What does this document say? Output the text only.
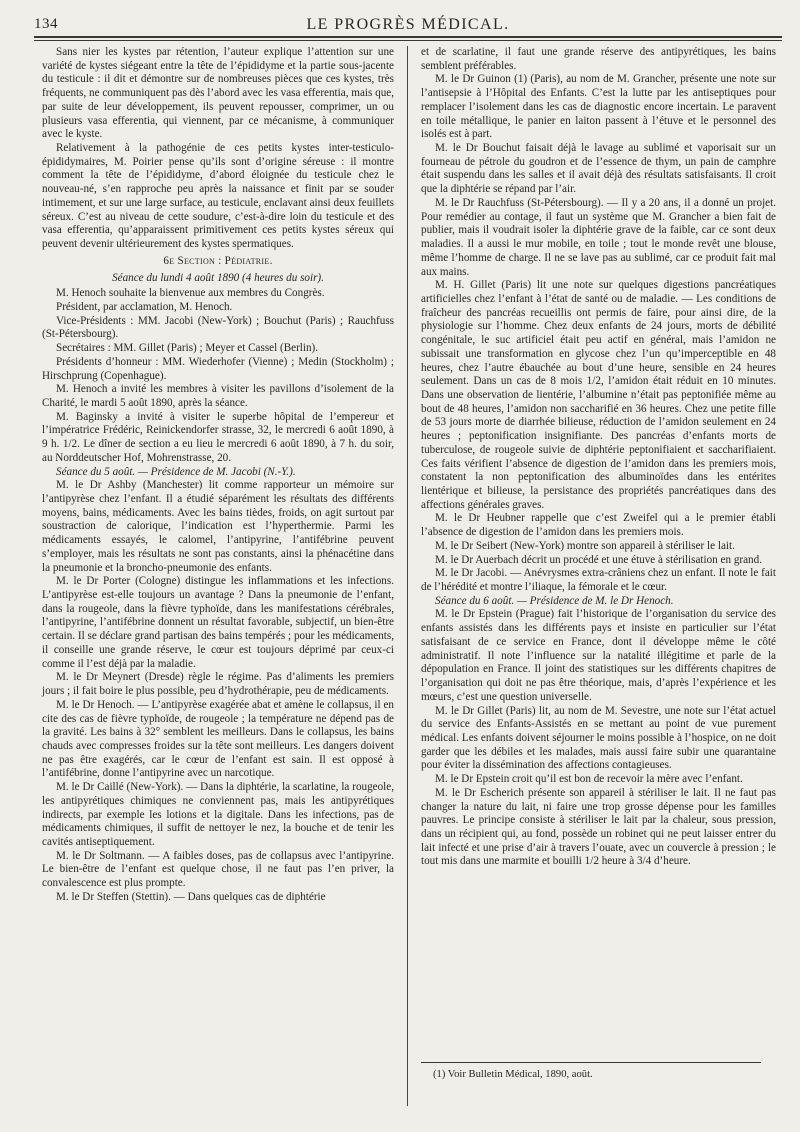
134	LE PROGRÈS MÉDICAL.

Sans nier les kystes par rétention, l’auteur explique l’attention sur une variété de kystes siégeant entre la tête de l’épididyme et la partie sous-jacente du testicule : il dit et démontre sur de nombreuses pièces que ces kystes, très fréquents, ne communiquent pas dès l’abord avec les vasa efferentia, mais que, par suite de leur développement, ils peuvent repousser, comprimer, un ou plusieurs vasa efferentia, qui viennent, par ce mécanisme, à communiquer avec le kyste.

Relativement à la pathogénie de ces petits kystes inter-testiculo-épididymaires, M. Poirier pense qu’ils sont d’origine séreuse : il montre comment la tête de l’épididyme, d’abord éloignée du testicule chez le nouveau-né, s’en rapproche peu après la naissance et finit par se souder intimement, et sur une large surface, au testicule, enclavant ainsi deux feuillets séreux. C’est au niveau de cette soudure, c’est-à-dire loin du testicule et des vasa efferentia, qu’apparaissent primitivement ces petits kystes séreux qui peuvent devenir ultérieurement des kystes spermatiques.

6e Section : Pédiatrie.

Séance du lundi 4 août 1890 (4 heures du soir).

M. Henoch souhaite la bienvenue aux membres du Congrès.

Président, par acclamation, M. Henoch.

Vice-Présidents : MM. Jacobi (New-York) ; Bouchut (Paris) ; Rauchfuss (St-Pétersbourg).

Secrétaires : MM. Gillet (Paris) ; Meyer et Cassel (Berlin).

Présidents d’honneur : MM. Wiederhofer (Vienne) ; Medin (Stockholm) ; Hirschprung (Copenhague).

M. Henoch a invité les membres à visiter les pavillons d’isolement de la Charité, le mardi 5 août 1890, après la séance.

M. Baginsky a invité à visiter le superbe hôpital de l’empereur et l’impératrice Frédéric, Reinickendorfer strasse, 32, le mercredi 6 août 1890, à 9 h. 1/2. Le dîner de section a eu lieu le mercredi 6 août 1890, à 7 h. du soir, au Norddeutscher Hof, Mohrenstrasse, 20.

Séance du 5 août. — Présidence de M. Jacobi (N.-Y.).

M. le Dr Ashby (Manchester) lit comme rapporteur un mémoire sur l’antipyrèse chez l’enfant. Il a étudié séparément les résultats des différents moyens, bains, médicaments. Avec les bains tièdes, froids, on agit surtout par soustraction de calorique, l’indication est l’hyperthermie. Parmi les médicaments essayés, le calomel, l’antipyrine, l’antifébrine peuvent s’employer, mais les résultats ne sont pas constants, ainsi la phénacétine dans la pneumonie et la broncho-pneumonie des enfants.

M. le Dr Porter (Cologne) distingue les inflammations et les infections. L’antipyrèse est-elle toujours un avantage ? Dans la pneumonie de l’enfant, dans la rougeole, dans la fièvre typhoïde, dans les manifestations cérébrales, l’antipyrine, l’antifébrine donnent un résultat favorable, subjectif, un bien-être certain. Il se déclare grand partisan des bains tempérés ; pour les médicaments, il conseille une grande réserve, le cœur est toujours déprimé par ceux-ci comme il l’est déjà par la maladie.

M. le Dr Meynert (Dresde) règle le régime. Pas d’aliments les premiers jours ; il fait boire le plus possible, peu d’hydrothérapie, peu de médicaments.

M. le Dr Henoch. — L’antipyrèse exagérée abat et amène le collapsus, il en cite des cas de fièvre typhoïde, de rougeole ; la température ne dépend pas de la gravité. Les bains à 32° semblent les meilleurs. Dans le collapsus, les bains chauds avec compresses froides sur la tête sont meilleurs. Les dangers doivent ne pas être exagérés, car le cœur de l’enfant est sain. Il est opposé à l’antifébrine, donne l’antipyrine avec un narcotique.

M. le Dr Caillé (New-York). — Dans la diphtérie, la scarlatine, la rougeole, les antipyrétiques chimiques ne conviennent pas, mais les antipyrétiques indirects, par exemple les lotions et la digitale. Dans les infections, pas de médicaments chimiques, il suffit de nettoyer le nez, la bouche et de tenir les cavités antiseptiquement.

M. le Dr Soltmann. — A faibles doses, pas de collapsus avec l’antipyrine. Le bien-être de l’enfant est quelque chose, il ne faut pas l’en priver, la convalescence est plus prompte.

M. le Dr Steffen (Stettin). — Dans quelques cas de diphtérie

et de scarlatine, il faut une grande réserve des antipyrétiques, les bains semblent préférables.

M. le Dr Guinon (1) (Paris), au nom de M. Grancher, présente une note sur l’antisepsie à l’Hôpital des Enfants. C’est la lutte par les antiseptiques pour remplacer l’isolement dans les cas de diagnostic encore incertain. Le paravent en toile métallique, le panier en laiton passent à l’étuve et le personnel des isolés est à part.

M. le Dr Bouchut faisait déjà le lavage au sublimé et vaporisait sur un fourneau de pétrole du goudron et de l’essence de thym, un pain de camphre était suspendu dans les salles et il avait déjà des résultats satisfaisants. Il croit que la diphtérie se répand par l’air.

M. le Dr Rauchfuss (St-Pétersbourg). — Il y a 20 ans, il a donné un projet. Pour remédier au contage, il faut un système que M. Grancher a bien fait de publier, mais il voudrait isoler la diphtérie grave de la faible, car ce sont deux maladies. Il a aussi le mur mobile, en toile ; tout le monde revêt une blouse, même l’homme de charge. Il ne se lave pas au sublimé, car ce produit fait mal aux mains.

M. H. Gillet (Paris) lit une note sur quelques digestions pancréatiques artificielles chez l’enfant à l’état de santé ou de maladie. — Les conditions de fraîcheur des pancréas recueillis ont permis de faire, pour ainsi dire, de la physiologie sur l’homme. Chez deux enfants de 24 jours, morts de débilité congénitale, le suc artificiel était peu actif en général, mais l’amidon ne subissait une transformation en glycose chez l’un qu’imperceptible en 48 heures, chez l’autre ébauchée au bout d’une heure, sensible en 24 heures seulement. Dans un cas de 8 mois 1/2, l’amidon était réduit en 10 minutes. Dans une observation de lientérie, l’albumine n’était pas peptonifiée même au bout de 48 heures, l’amidon non saccharifié en 36 heures. Chez une petite fille de 53 jours morte de diarrhée bilieuse, réduction de l’amidon seulement en 24 heures ; peptonification insignifiante. Des pancréas d’enfants morts de tuberculose, de rougeole suivie de diphtérie peptonifiaient et saccharifiaient. Ces faits vérifient l’absence de digestion de l’amidon dans les premiers mois, constatent la non peptonification des albuminoïdes dans les entérites lientérique et bilieuse, la persistance des propriétés pancréatiques dans des affections générales graves.

M. le Dr Heubner rappelle que c’est Zweifel qui a le premier établi l’absence de digestion de l’amidon dans les premiers mois.

M. le Dr Seibert (New-York) montre son appareil à stériliser le lait.

M. le Dr Auerbach décrit un procédé et une étuve à stérilisation en grand.

M. le Dr Jacobi. — Anévrysmes extra-crâniens chez un enfant. Il note le fait de l’hérédité et montre l’iliaque, la fémorale et le cœur.

Séance du 6 août. — Présidence de M. le Dr Henoch.

M. le Dr Epstein (Prague) fait l’historique de l’organisation du service des enfants assistés dans les différents pays et insiste en particulier sur l’état satisfaisant de ce service en France, dont il développe même le côté administratif. Il note l’influence sur la natalité illégitime et parle de la dépopulation en France. Il joint des statistiques sur les différents chapitres de l’organisation qui doit ne pas être théorique, mais, d’après l’expérience et les mœurs, c’est une question universelle.

M. le Dr Gillet (Paris) lit, au nom de M. Sevestre, une note sur l’état actuel du service des Enfants-Assistés en se mettant au point de vue purement médical. Les enfants doivent séjourner le moins possible à l’hospice, on ne doit garder que les débiles et les malades, mais aussi faire subir une quarantaine pour éviter la dissémination des affections contagieuses.

M. le Dr Epstein croit qu’il est bon de recevoir la mère avec l’enfant.

M. le Dr Escherich présente son appareil à stériliser le lait. Il ne faut pas changer la nature du lait, ni faire une trop grosse dépense pour les familles pauvres. Le principe consiste à stériliser le lait par la chaleur, sous pression, dans un récipient qui, au fond, possède un robinet qui ne peut laisser entrer du lait infecté et une prise d’air à travers l’ouate, avec un couvercle à pression ; le tout mis dans une marmite et bouilli 1/2 heure à 3/4 d’heure.

(1) Voir Bulletin Médical, 1890, août.
